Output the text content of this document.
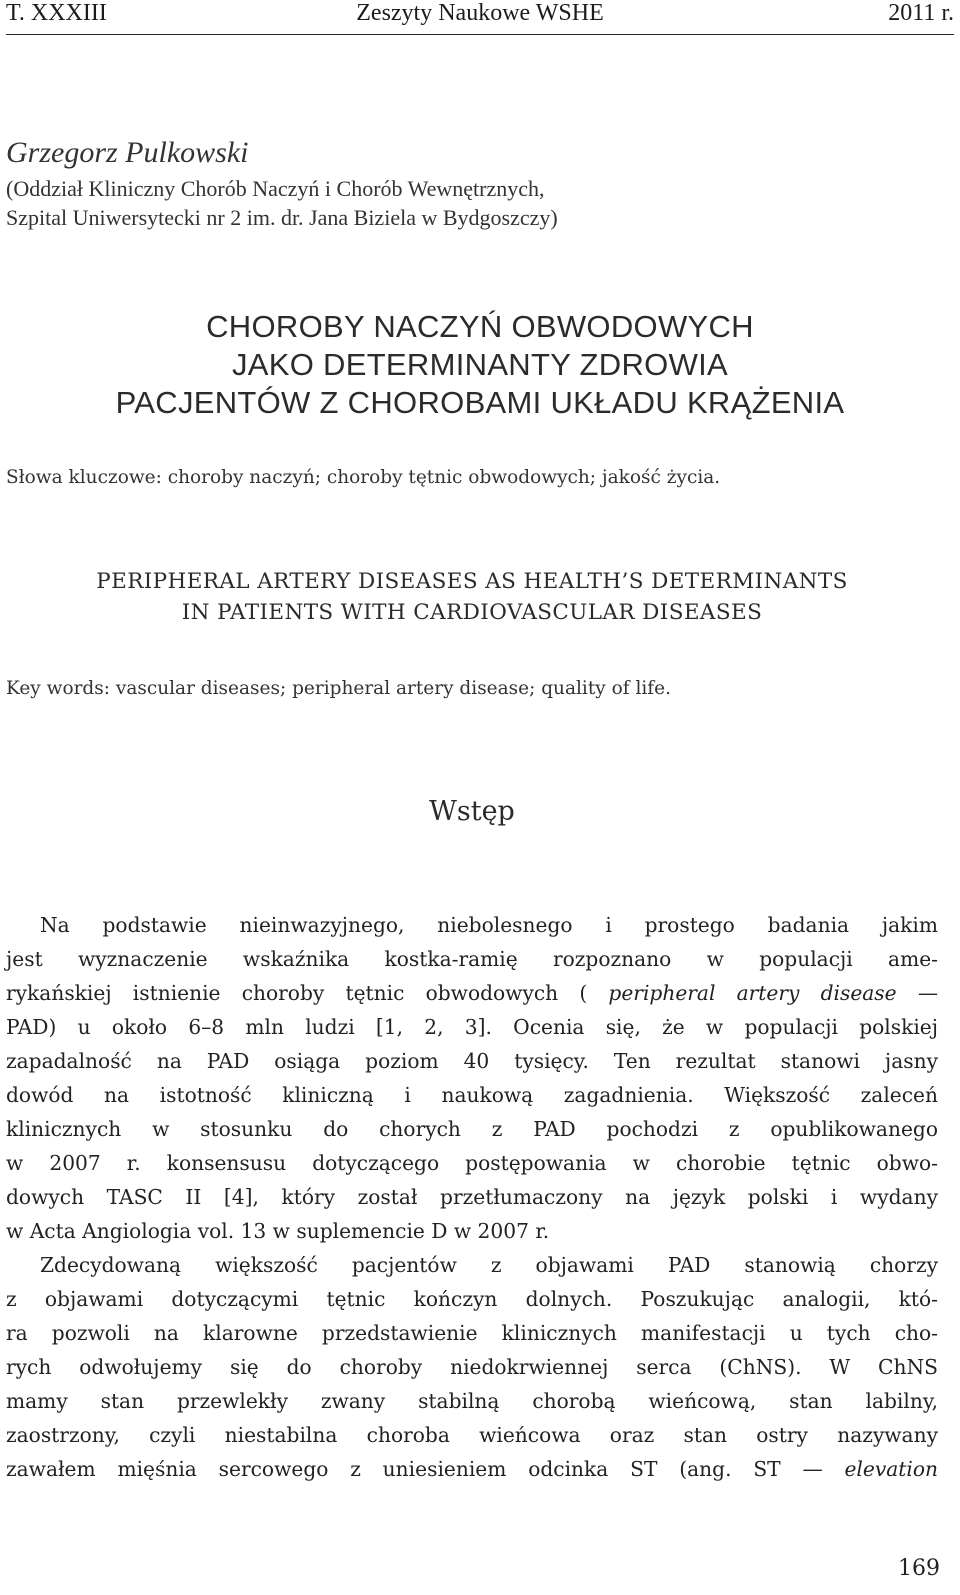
T. XXXIII	Zeszyty Naukowe WSHE	2011 r.
Grzegorz Pulkowski
(Oddział Kliniczny Chorób Naczyń i Chorób Wewnętrznych,
Szpital Uniwersytecki nr 2 im. dr. Jana Biziela w Bydgoszczy)
CHOROBY NACZYŃ OBWODOWYCH
JAKO DETERMINANTY ZDROWIA
PACJENTÓW Z CHOROBAMI UKŁADU KRĄŻENIA
Słowa kluczowe: choroby naczyń; choroby tętnic obwodowych; jakość życia.
PERIPHERAL ARTERY DISEASES AS HEALTH’S DETERMINANTS
IN PATIENTS WITH CARDIOVASCULAR DISEASES
Key words: vascular diseases; peripheral artery disease; quality of life.
Wstęp
Na podstawie nieinwazyjnego, niebolesnego i prostego badania jakim
jest wyznaczenie wskaźnika kostka-ramię rozpoznano w populacji ame-
rykańskiej istnienie choroby tętnic obwodowych ( peripheral artery disease —
PAD) u około 6–8 mln ludzi [1, 2, 3]. Ocenia się, że w populacji polskiej
zapadalność na PAD osiąga poziom 40 tysięcy. Ten rezultat stanowi jasny
dowód na istotność kliniczną i naukową zagadnienia. Większość zaleceń
klinicznych w stosunku do chorych z PAD pochodzi z opublikowanego
w 2007 r. konsensusu dotyczącego postępowania w chorobie tętnic obwo-
dowych TASC II [4], który został przetłumaczony na język polski i wydany
w Acta Angiologia vol. 13 w suplemencie D w 2007 r.
Zdecydowaną większość pacjentów z objawami PAD stanowią chorzy
z objawami dotyczącymi tętnic kończyn dolnych. Poszukując analogii, któ-
ra pozwoli na klarowne przedstawienie klinicznych manifestacji u tych cho-
rych odwołujemy się do choroby niedokrwiennej serca (ChNS). W ChNS
mamy stan przewlekły zwany stabilną chorobą wieńcową, stan labilny,
zaostrzony, czyli niestabilna choroba wieńcowa oraz stan ostry nazywany
zawałem mięśnia sercowego z uniesieniem odcinka ST (ang. ST — elevation
169
